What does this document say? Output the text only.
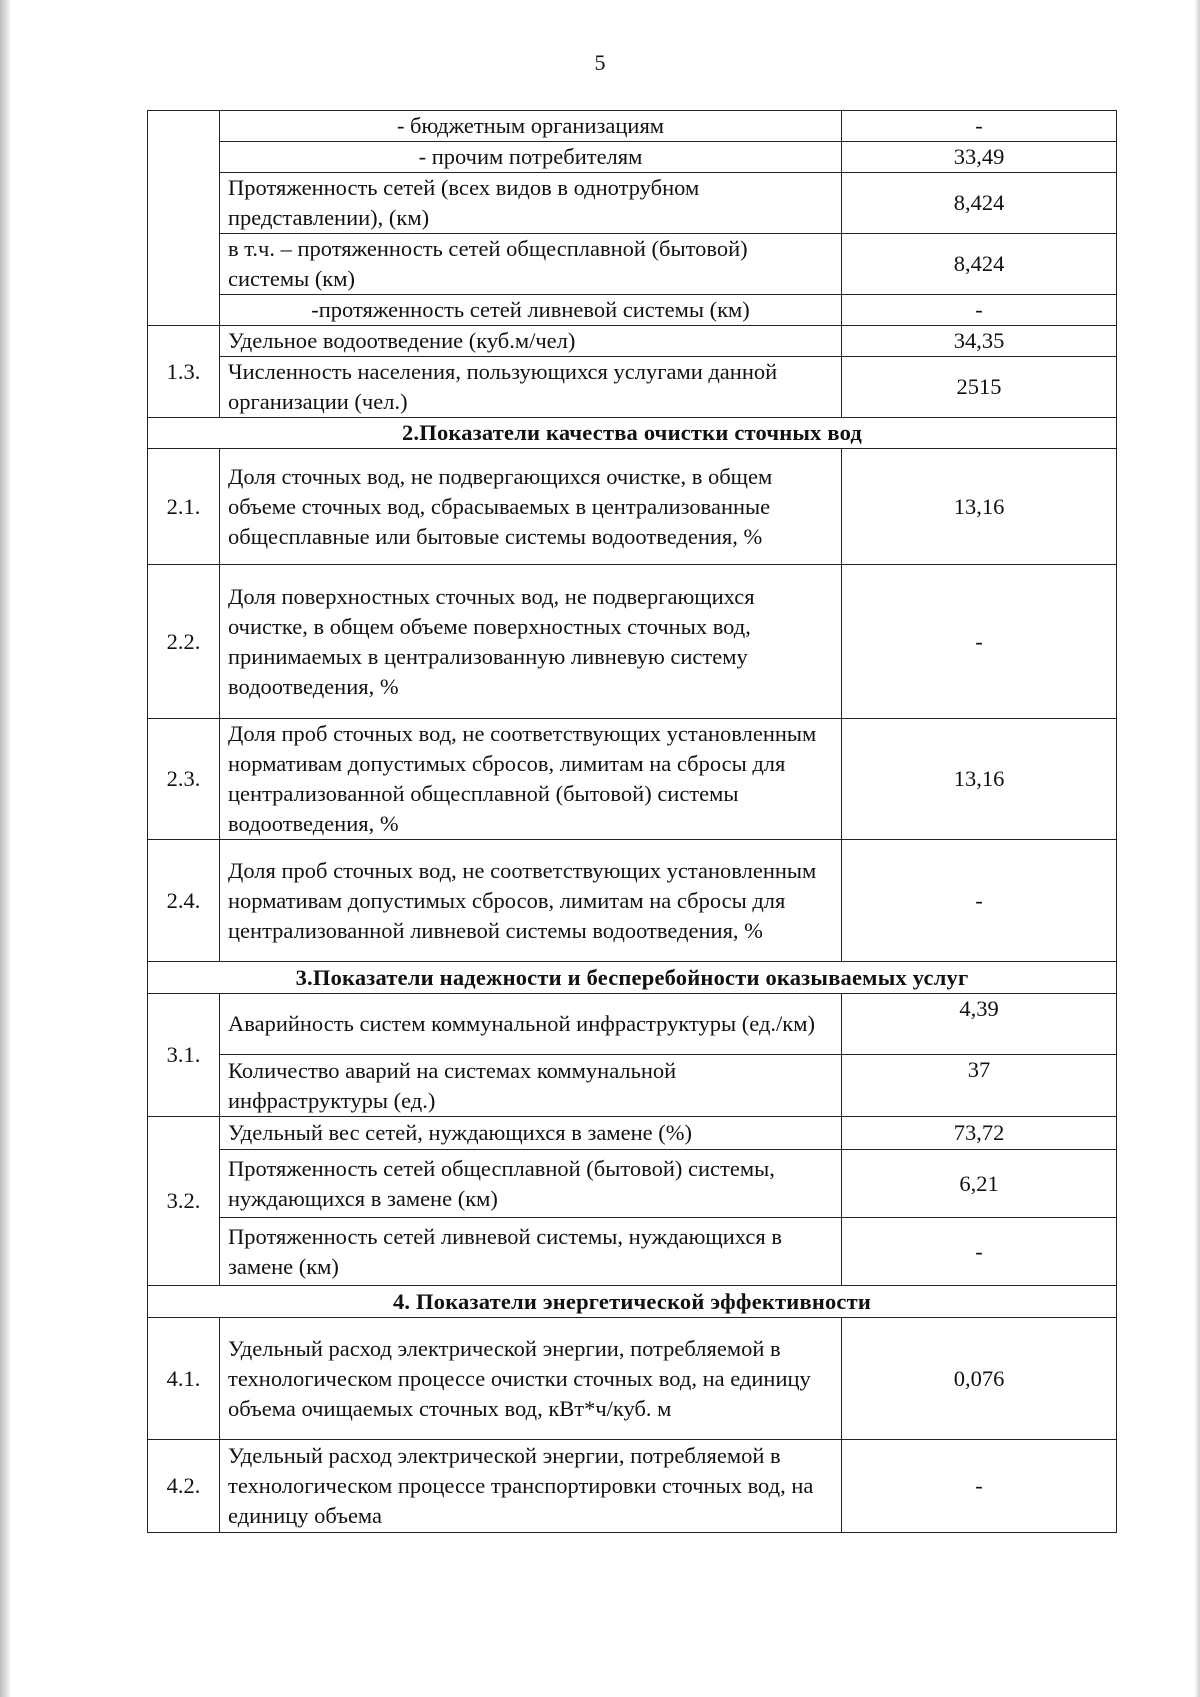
5
	- бюджетным организациям	-
	- прочим потребителям	33,49
	Протяженность сетей (всех видов в однотрубном представлении), (км)	8,424
	в т.ч. – протяженность сетей общесплавной (бытовой) системы (км)	8,424
	-протяженность сетей ливневой системы (км)	-
1.3.	Удельное водоотведение (куб.м/чел)	34,35
	Численность населения, пользующихся услугами данной организации (чел.)	2515
2.Показатели качества очистки сточных вод		
2.1.	Доля сточных вод, не подвергающихся очистке, в общем объеме сточных вод, сбрасываемых в централизованные общесплавные или бытовые системы водоотведения, %	13,16
2.2.	Доля поверхностных сточных вод, не подвергающихся очистке, в общем объеме поверхностных сточных вод, принимаемых в централизованную ливневую систему водоотведения, %	-
2.3.	Доля проб сточных вод, не соответствующих установленным нормативам допустимых сбросов, лимитам на сбросы для централизованной общесплавной (бытовой) системы водоотведения, %	13,16
2.4.	Доля проб сточных вод, не соответствующих установленным нормативам допустимых сбросов, лимитам на сбросы для централизованной ливневой системы водоотведения, %	-
3.Показатели надежности и бесперебойности оказываемых услуг		
3.1.	Аварийность систем коммунальной инфраструктуры (ед./км)	4,39
	Количество аварий на системах коммунальной инфраструктуры (ед.)	37
3.2.	Удельный вес сетей, нуждающихся в замене (%)	73,72
	Протяженность сетей общесплавной (бытовой) системы, нуждающихся в замене (км)	6,21
	Протяженность сетей ливневой системы, нуждающихся в замене (км)	-
4. Показатели энергетической эффективности		
4.1.	Удельный расход электрической энергии, потребляемой в технологическом процессе очистки сточных вод, на единицу объема очищаемых сточных вод, кВт*ч/куб. м	0,076
4.2.	Удельный расход электрической энергии, потребляемой в технологическом процессе транспортировки сточных вод, на единицу объема	-
